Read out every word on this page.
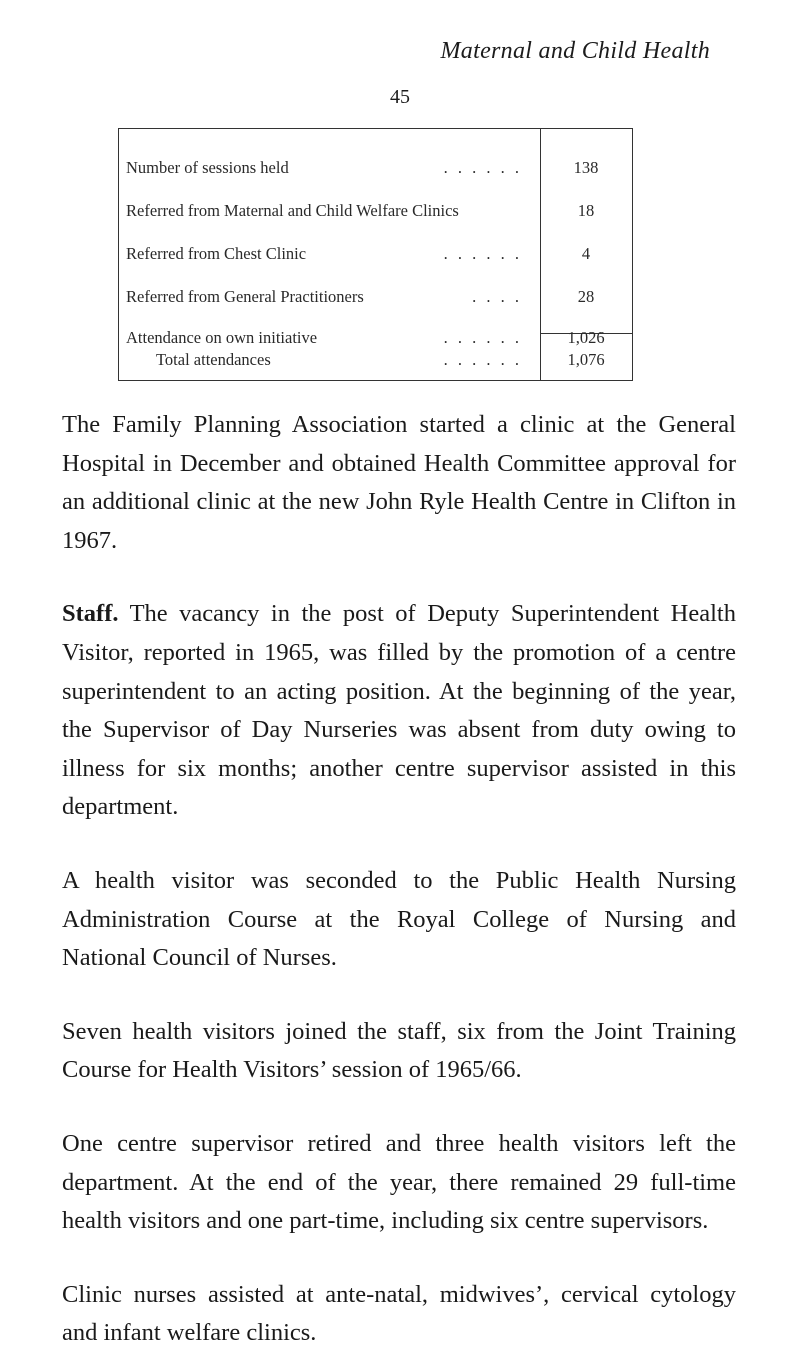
Maternal and Child Health
45
Number of sessions held	. . . . . .	138
Referred from Maternal and Child Welfare Clinics	18
Referred from Chest Clinic	. . . . . .	4
Referred from General Practitioners	. . . .	28
Attendance on own initiative	. . . . . .	1,026
Total attendances	. . . . . .	1,076

The Family Planning Association started a clinic at the General Hospital in December and obtained Health Committee approval for an additional clinic at the new John Ryle Health Centre in Clifton in 1967.

Staff. The vacancy in the post of Deputy Superintendent Health Visitor, reported in 1965, was filled by the promotion of a centre superintendent to an acting position. At the beginning of the year, the Supervisor of Day Nurseries was absent from duty owing to illness for six months; another centre supervisor assisted in this department.

A health visitor was seconded to the Public Health Nursing Administration Course at the Royal College of Nursing and National Council of Nurses.

Seven health visitors joined the staff, six from the Joint Training Course for Health Visitors’ session of 1965/66.

One centre supervisor retired and three health visitors left the department. At the end of the year, there remained 29 full-time health visitors and one part-time, including six centre supervisors.

Clinic nurses assisted at ante-natal, midwives’, cervical cytology and infant welfare clinics.
